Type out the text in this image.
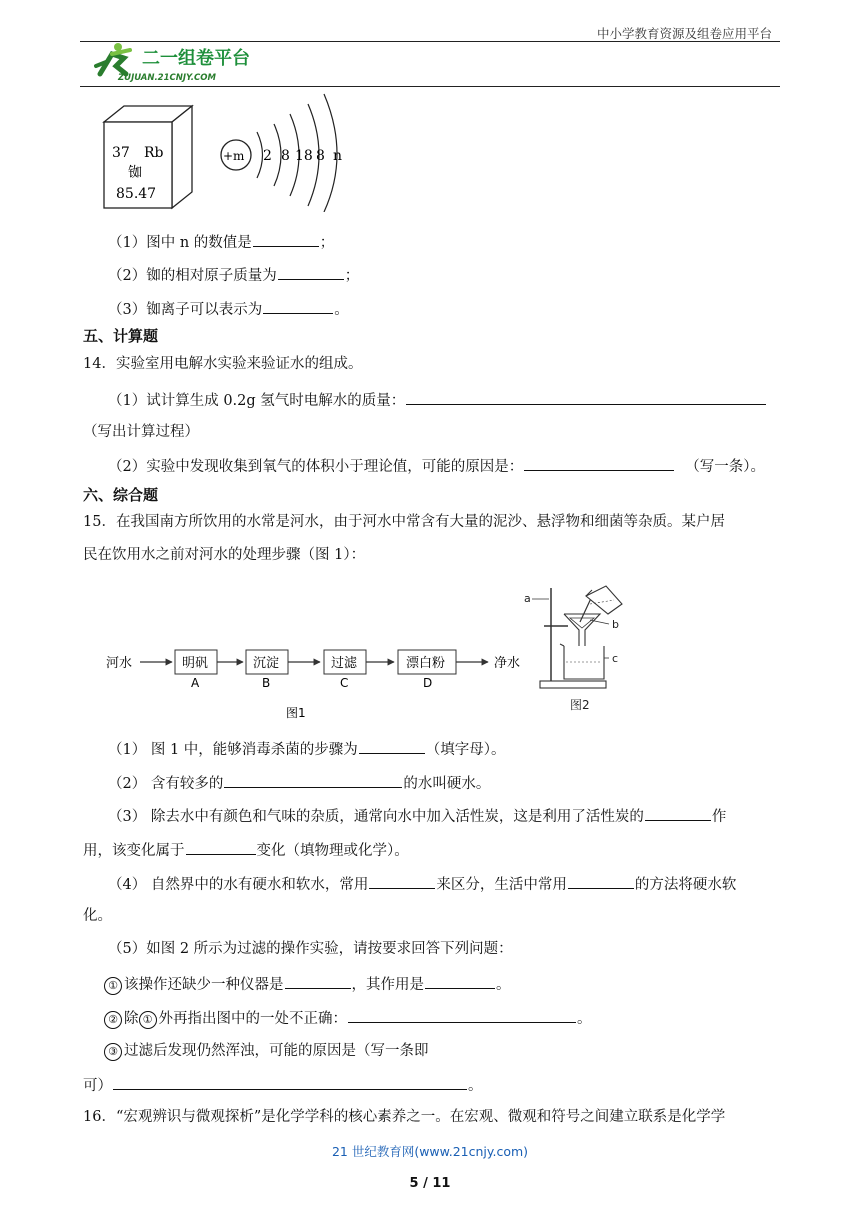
中小学教育资源及组卷应用平台
二一组卷平台
ZUJUAN.21CNJY.COM
37 Rb
铷
85.47
+m 2 8 18 8 n
（1）图中 n 的数值是	；
（2）铷的相对原子质量为	；
（3）铷离子可以表示为	。
五、计算题
14．实验室用电解水实验来验证水的组成。
（1）试计算生成 0.2g 氢气时电解水的质量：
（写出计算过程）
（2）实验中发现收集到氧气的体积小于理论值，可能的原因是：	（写一条）。
六、综合题
15．在我国南方所饮用的水常是河水，由于河水中常含有大量的泥沙、悬浮物和细菌等杂质。某户居
民在饮用水之前对河水的处理步骤（图 1）：
河水	明矾
A
沉淀
B
过滤
C
漂白粉
D
净水
图1
a
b
c
图2
（1） 图 1 中，能够消毒杀菌的步骤为	（填字母）。
（2） 含有较多的	的水叫硬水。
（3） 除去水中有颜色和气味的杂质，通常向水中加入活性炭，这是利用了活性炭的	作
用，该变化属于	变化（填物理或化学）。
（4） 自然界中的水有硬水和软水，常用	来区分，生活中常用	的方法将硬水软
化。
（5）如图 2 所示为过滤的操作实验，请按要求回答下列问题：
① 该操作还缺少一种仪器是	，其作用是	。
② 除 ① 外再指出图中的一处不正确：	。
③ 过滤后发现仍然浑浊，可能的原因是（写一条即
可）	。
16．“宏观辨识与微观探析”是化学学科的核心素养之一。在宏观、微观和符号之间建立联系是化学学
21 世纪教育网(www.21cnjy.com)
5 / 11
